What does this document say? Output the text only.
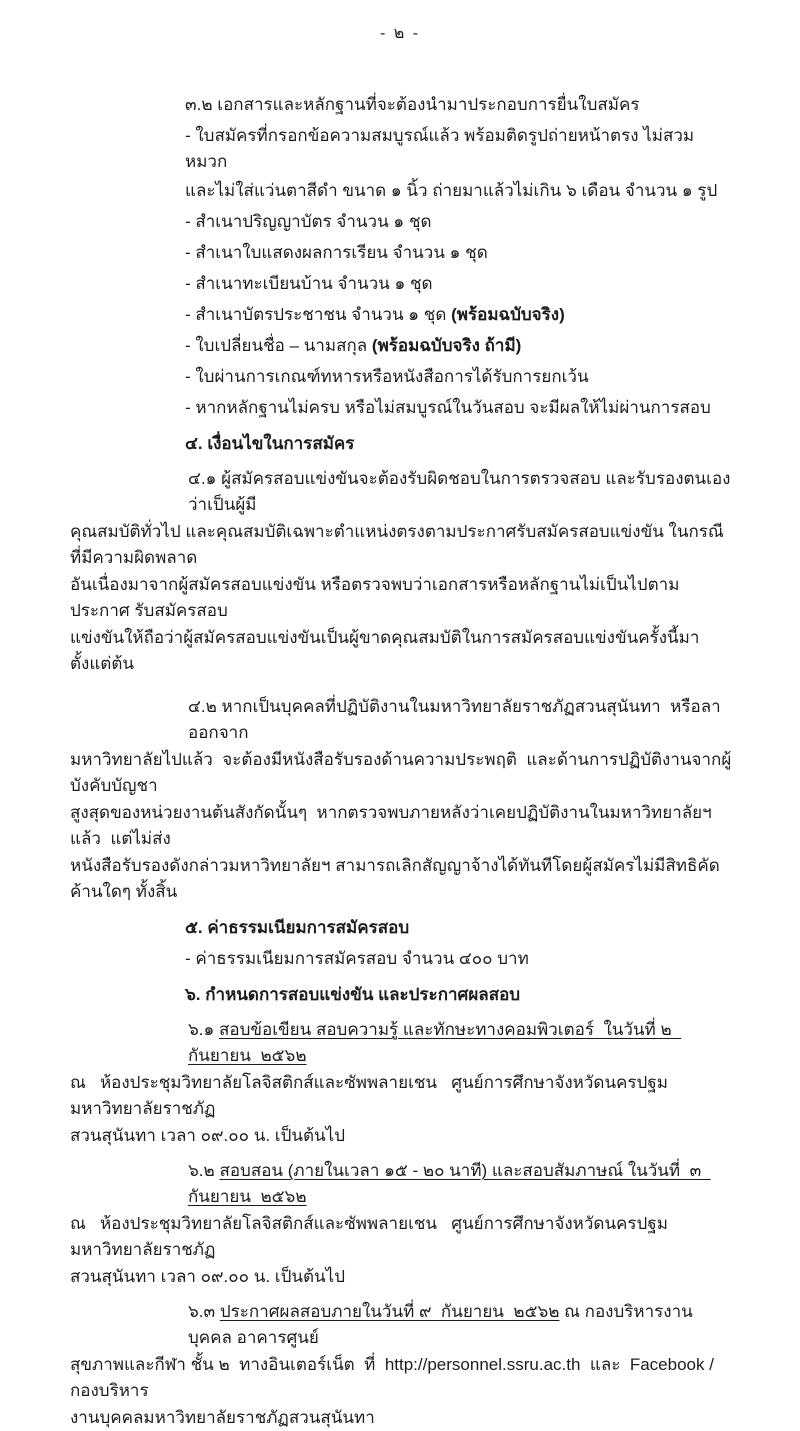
- ๒ -
๓.๒ เอกสารและหลักฐานที่จะต้องนำมาประกอบการยื่นใบสมัคร
- ใบสมัครที่กรอกข้อความสมบูรณ์แล้ว พร้อมติดรูปถ่ายหน้าตรง ไม่สวมหมวก
และไม่ใส่แว่นตาสีดำ ขนาด ๑ นิ้ว ถ่ายมาแล้วไม่เกิน ๖ เดือน จำนวน ๑ รูป
- สำเนาปริญญาบัตร จำนวน ๑ ชุด
- สำเนาใบแสดงผลการเรียน จำนวน ๑ ชุด
- สำเนาทะเบียนบ้าน จำนวน ๑ ชุด
- สำเนาบัตรประชาชน จำนวน ๑ ชุด (พร้อมฉบับจริง)
- ใบเปลี่ยนชื่อ – นามสกุล (พร้อมฉบับจริง ถ้ามี)
- ใบผ่านการเกณฑ์ทหารหรือหนังสือการได้รับการยกเว้น
- หากหลักฐานไม่ครบ หรือไม่สมบูรณ์ในวันสอบ จะมีผลให้ไม่ผ่านการสอบ
๔. เงื่อนไขในการสมัคร
๔.๑ ผู้สมัครสอบแข่งขันจะต้องรับผิดชอบในการตรวจสอบ และรับรองตนเองว่าเป็นผู้มี
คุณสมบัติทั่วไป และคุณสมบัติเฉพาะตำแหน่งตรงตามประกาศรับสมัครสอบแข่งขัน ในกรณีที่มีความผิดพลาด
อันเนื่องมาจากผู้สมัครสอบแข่งขัน หรือตรวจพบว่าเอกสารหรือหลักฐานไม่เป็นไปตามประกาศ รับสมัครสอบ
แข่งขันให้ถือว่าผู้สมัครสอบแข่งขันเป็นผู้ขาดคุณสมบัติในการสมัครสอบแข่งขันครั้งนี้มาตั้งแต่ต้น
๔.๒ หากเป็นบุคคลที่ปฏิบัติงานในมหาวิทยาลัยราชภัฏสวนสุนันทา  หรือลาออกจาก
มหาวิทยาลัยไปแล้ว  จะต้องมีหนังสือรับรองด้านความประพฤติ  และด้านการปฏิบัติงานจากผู้บังคับบัญชา
สูงสุดของหน่วยงานต้นสังกัดนั้นๆ  หากตรวจพบภายหลังว่าเคยปฏิบัติงานในมหาวิทยาลัยฯแล้ว  แต่ไม่ส่ง
หนังสือรับรองดังกล่าวมหาวิทยาลัยฯ สามารถเลิกสัญญาจ้างได้ทันทีโดยผู้สมัครไม่มีสิทธิคัดค้านใดๆ ทั้งสิ้น
๕. ค่าธรรมเนียมการสมัครสอบ
- ค่าธรรมเนียมการสมัครสอบ จำนวน ๔๐๐ บาท
๖. กำหนดการสอบแข่งขัน และประกาศผลสอบ
๖.๑ สอบข้อเขียน สอบความรู้ และทักษะทางคอมพิวเตอร์  ในวันที่ ๒  กันยายน  ๒๕๖๒
ณ   ห้องประชุมวิทยาลัยโลจิสติกส์และซัพพลายเชน   ศูนย์การศึกษาจังหวัดนครปฐม   มหาวิทยาลัยราชภัฏ
สวนสุนันทา เวลา ๐๙.๐๐ น. เป็นต้นไป
๖.๒ สอบสอน (ภายในเวลา ๑๕ - ๒๐ นาที) และสอบสัมภาษณ์ ในวันที่  ๓  กันยายน  ๒๕๖๒
ณ   ห้องประชุมวิทยาลัยโลจิสติกส์และซัพพลายเชน   ศูนย์การศึกษาจังหวัดนครปฐม   มหาวิทยาลัยราชภัฏ
สวนสุนันทา เวลา ๐๙.๐๐ น. เป็นต้นไป
๖.๓ ประกาศผลสอบภายในวันที่ ๙  กันยายน  ๒๕๖๒ ณ กองบริหารงานบุคคล อาคารศูนย์
สุขภาพและกีฬา ชั้น ๒  ทางอินเตอร์เน็ต  ที่  http://personnel.ssru.ac.th  และ  Facebook / กองบริหาร
งานบุคคลมหาวิทยาลัยราชภัฏสวนสุนันทา
